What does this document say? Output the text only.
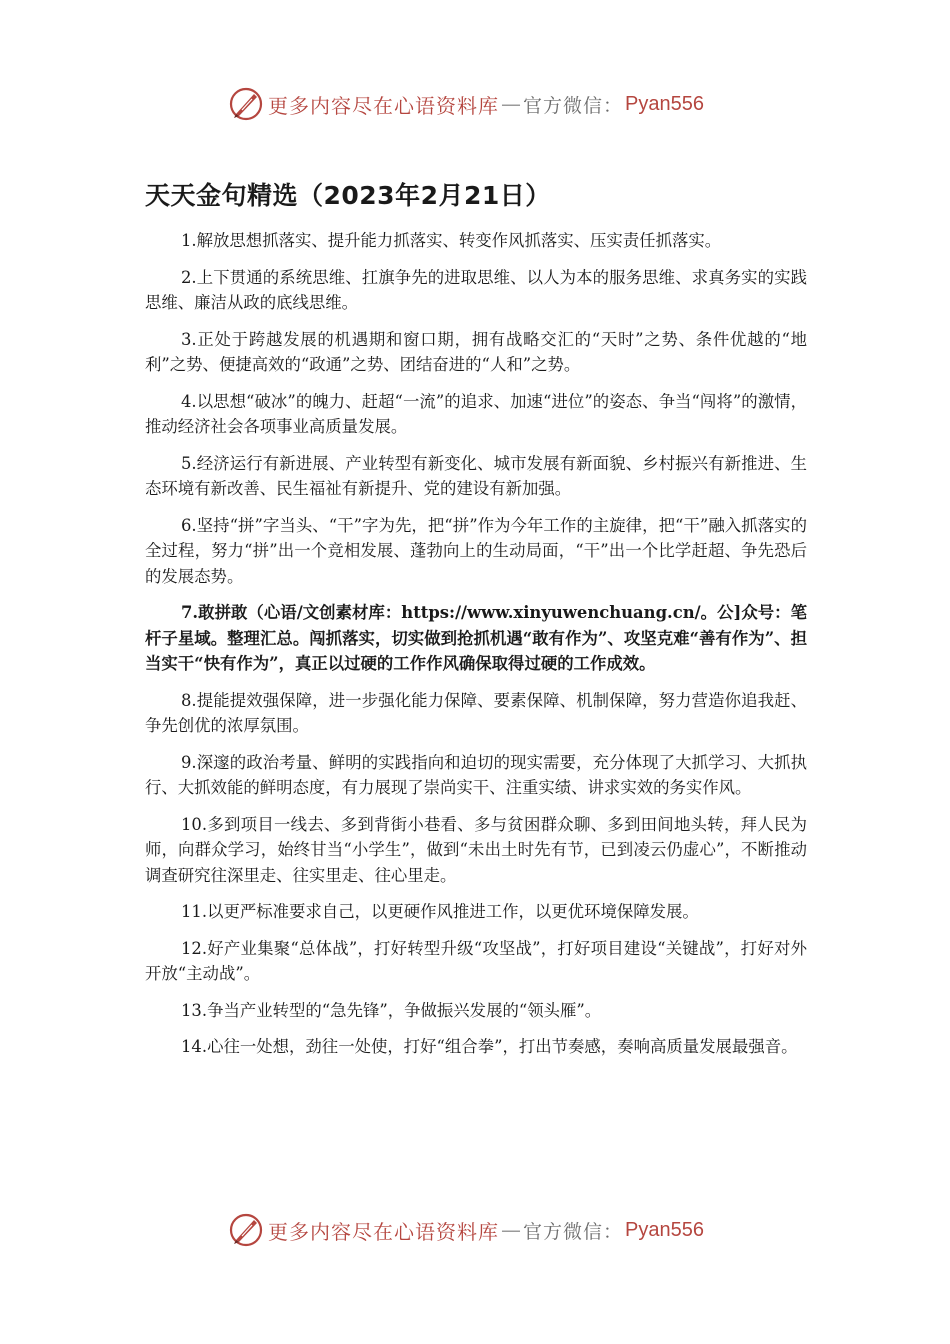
更多内容尽在心语资料库 — 官方微信： Pyan556
天天金句精选（2023年2月21日）

1.解放思想抓落实、提升能力抓落实、转变作风抓落实、压实责任抓落实。

2.上下贯通的系统思维、扛旗争先的进取思维、以人为本的服务思维、求真务实的实践思维、廉洁从政的底线思维。

3.正处于跨越发展的机遇期和窗口期，拥有战略交汇的“天时”之势、条件优越的“地利”之势、便捷高效的“政通”之势、团结奋进的“人和”之势。

4.以思想“破冰”的魄力、赶超“一流”的追求、加速“进位”的姿态、争当“闯将”的激情，推动经济社会各项事业高质量发展。

5.经济运行有新进展、产业转型有新变化、城市发展有新面貌、乡村振兴有新推进、生态环境有新改善、民生福祉有新提升、党的建设有新加强。

6.坚持“拼”字当头、“干”字为先，把“拼”作为今年工作的主旋律，把“干”融入抓落实的全过程，努力“拼”出一个竞相发展、蓬勃向上的生动局面，“干”出一个比学赶超、争先恐后的发展态势。

7.敢拼敢（心语/文创素材库：https://www.xinyuwenchuang.cn/。公]众号：笔杆子星域。整理汇总。闯抓落实，切实做到抢抓机遇“敢有作为”、攻坚克难“善有作为”、担当实干“快有作为”，真正以过硬的工作作风确保取得过硬的工作成效。

8.提能提效强保障，进一步强化能力保障、要素保障、机制保障，努力营造你追我赶、争先创优的浓厚氛围。

9.深邃的政治考量、鲜明的实践指向和迫切的现实需要，充分体现了大抓学习、大抓执行、大抓效能的鲜明态度，有力展现了崇尚实干、注重实绩、讲求实效的务实作风。

10.多到项目一线去、多到背街小巷看、多与贫困群众聊、多到田间地头转，拜人民为师，向群众学习，始终甘当“小学生”，做到“未出土时先有节，已到凌云仍虚心”，不断推动调查研究往深里走、往实里走、往心里走。

11.以更严标准要求自己，以更硬作风推进工作，以更优环境保障发展。

12.好产业集聚“总体战”，打好转型升级“攻坚战”，打好项目建设“关键战”，打好对外开放“主动战”。

13.争当产业转型的“急先锋”，争做振兴发展的“领头雁”。

14.心往一处想，劲往一处使，打好“组合拳”，打出节奏感，奏响高质量发展最强音。

更多内容尽在心语资料库 — 官方微信： Pyan556
